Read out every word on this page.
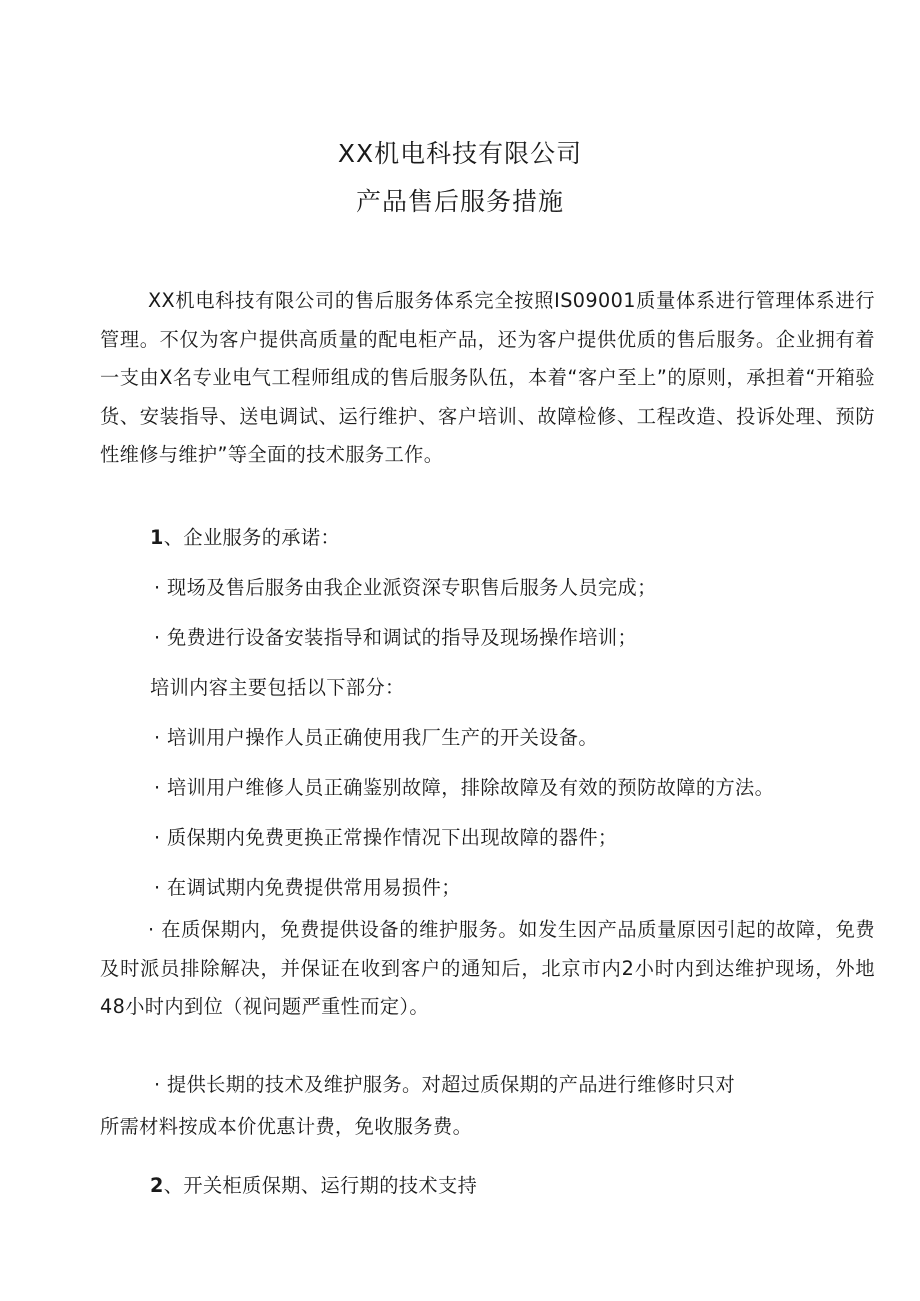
XX机电科技有限公司
产品售后服务措施

XX机电科技有限公司的售后服务体系完全按照IS09001质量体系进行管理体系进行管理。不仅为客户提供高质量的配电柜产品，还为客户提供优质的售后服务。企业拥有着一支由X名专业电气工程师组成的售后服务队伍，本着“客户至上”的原则，承担着“开箱验货、安装指导、送电调试、运行维护、客户培训、故障检修、工程改造、投诉处理、预防性维修与维护”等全面的技术服务工作。

1、企业服务的承诺：
· 现场及售后服务由我企业派资深专职售后服务人员完成；
· 免费进行设备安装指导和调试的指导及现场操作培训；
培训内容主要包括以下部分：
· 培训用户操作人员正确使用我厂生产的开关设备。
· 培训用户维修人员正确鉴别故障，排除故障及有效的预防故障的方法。
· 质保期内免费更换正常操作情况下出现故障的器件；
· 在调试期内免费提供常用易损件；

· 在质保期内，免费提供设备的维护服务。如发生因产品质量原因引起的故障，免费及时派员排除解决，并保证在收到客户的通知后，北京市内2小时内到达维护现场，外地48小时内到位（视问题严重性而定）。

· 提供长期的技术及维护服务。对超过质保期的产品进行维修时只对
所需材料按成本价优惠计费，免收服务费。
2、开关柜质保期、运行期的技术支持
